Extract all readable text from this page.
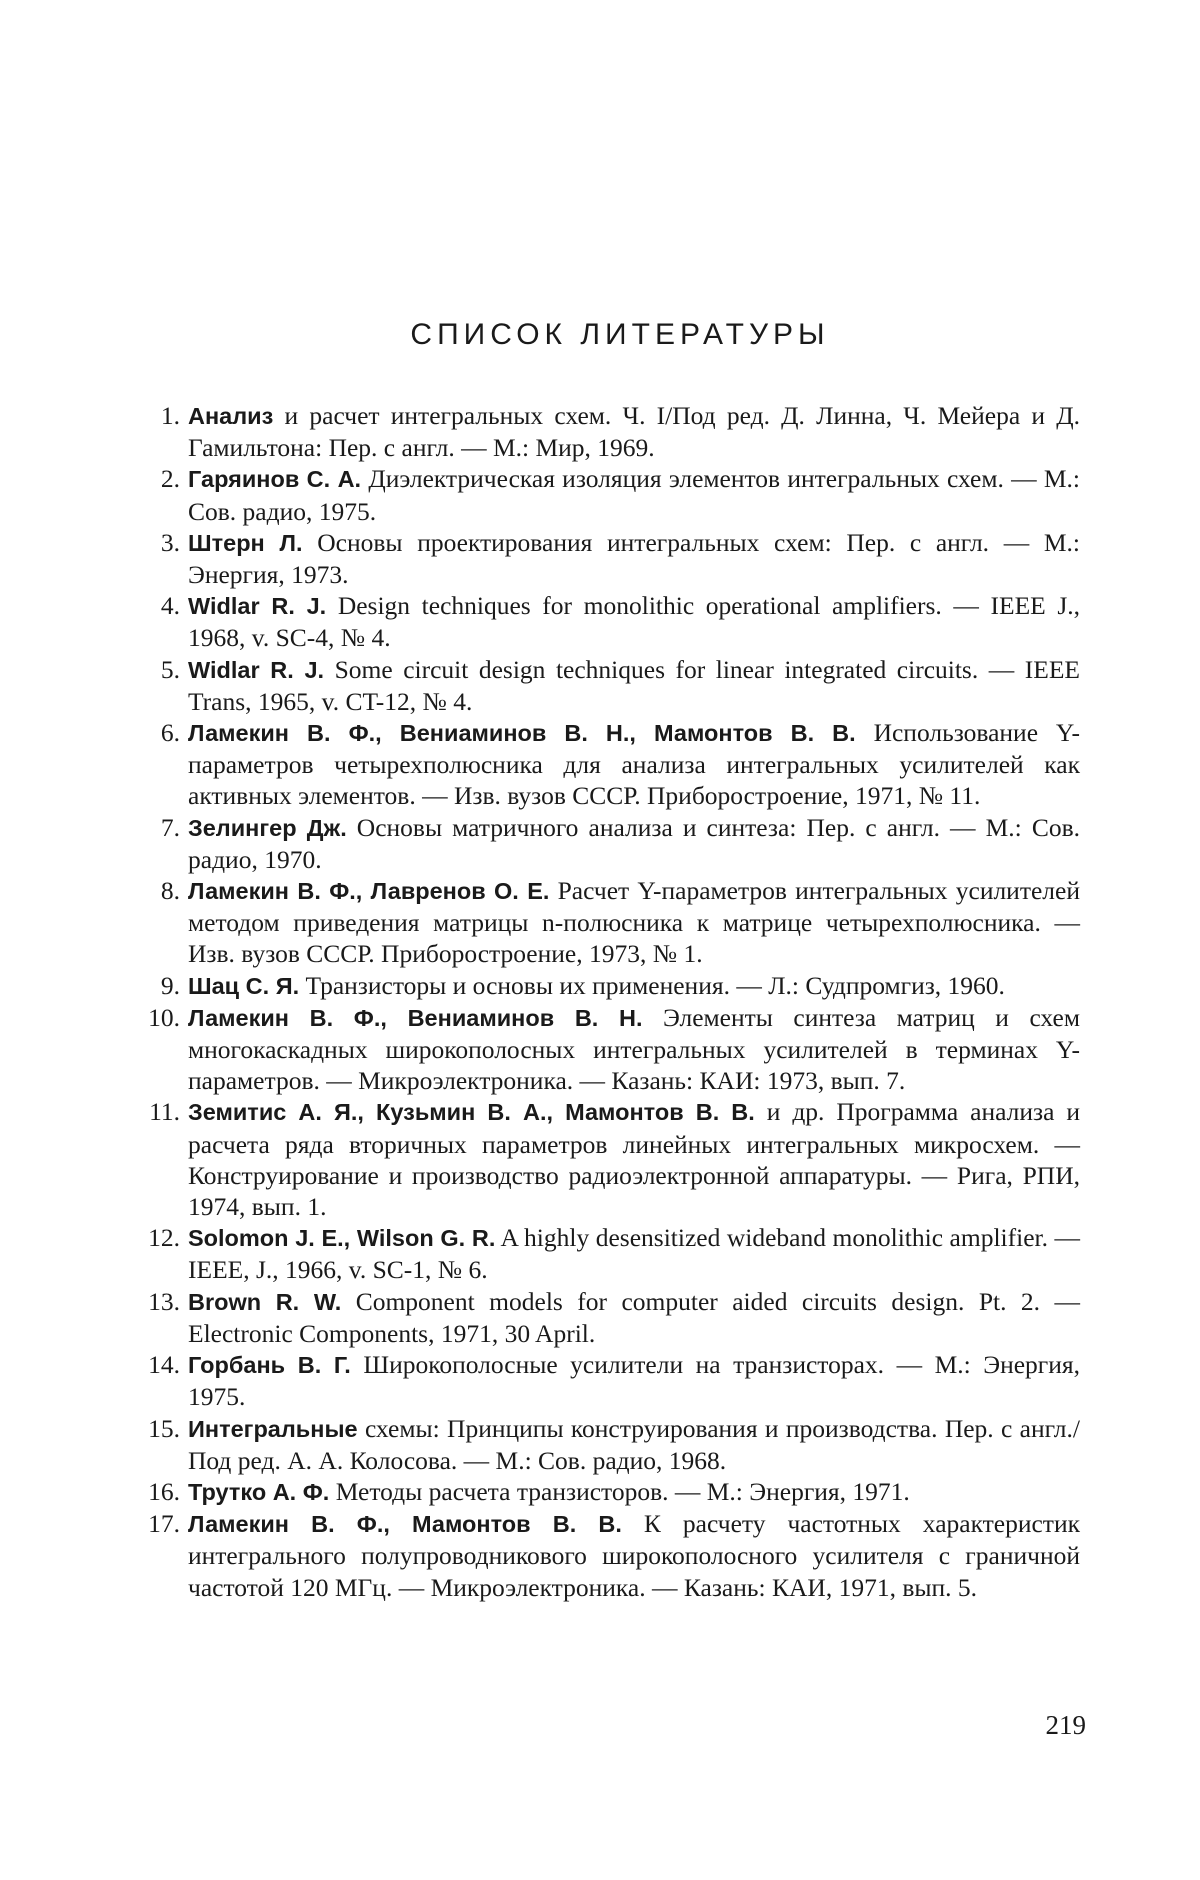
СПИСОК ЛИТЕРАТУРЫ
1. Анализ и расчет интегральных схем. Ч. I/Под ред. Д. Линна, Ч. Мейера и Д. Гамильтона: Пер. с англ. — М.: Мир, 1969.
2. Гаряинов С. А. Диэлектрическая изоляция элементов интегральных схем. — М.: Сов. радио, 1975.
3. Штерн Л. Основы проектирования интегральных схем: Пер. с англ. — М.: Энергия, 1973.
4. Widlar R. J. Design techniques for monolithic operational amplifiers. — IEEE J., 1968, v. SC-4, № 4.
5. Widlar R. J. Some circuit design techniques for linear integrated circuits. — IEEE Trans, 1965, v. CT-12, № 4.
6. Ламекин В. Ф., Вениаминов В. Н., Мамонтов В. В. Использование Y-параметров четырехполюсника для анализа интегральных усилителей как активных элементов. — Изв. вузов СССР. Приборостроение, 1971, № 11.
7. Зелингер Дж. Основы матричного анализа и синтеза: Пер. с англ. — М.: Сов. радио, 1970.
8. Ламекин В. Ф., Лавренов О. Е. Расчет Y-параметров интегральных усилителей методом приведения матрицы n-полюсника к матрице четырехполюсника. — Изв. вузов СССР. Приборостроение, 1973, № 1.
9. Шац С. Я. Транзисторы и основы их применения. — Л.: Судпромгиз, 1960.
10. Ламекин В. Ф., Вениаминов В. Н. Элементы синтеза матриц и схем многокаскадных широкополосных интегральных усилителей в терминах Y-параметров. — Микроэлектроника. — Казань: КАИ: 1973, вып. 7.
11. Земитис А. Я., Кузьмин В. А., Мамонтов В. В. и др. Программа анализа и расчета ряда вторичных параметров линейных интегральных микросхем. — Конструирование и производство радиоэлектронной аппаратуры. — Рига, РПИ, 1974, вып. 1.
12. Solomon J. E., Wilson G. R. A highly desensitized wideband monolithic amplifier. — IEEE, J., 1966, v. SC-1, № 6.
13. Brown R. W. Component models for computer aided circuits design. Pt. 2. — Electronic Components, 1971, 30 April.
14. Горбань В. Г. Широкополосные усилители на транзисторах. — М.: Энергия, 1975.
15. Интегральные схемы: Принципы конструирования и производства. Пер. с англ./Под ред. А. А. Колосова. — М.: Сов. радио, 1968.
16. Трутко А. Ф. Методы расчета транзисторов. — М.: Энергия, 1971.
17. Ламекин В. Ф., Мамонтов В. В. К расчету частотных характеристик интегрального полупроводникового широкополосного усилителя с граничной частотой 120 МГц. — Микроэлектроника. — Казань: КАИ, 1971, вып. 5.
219
